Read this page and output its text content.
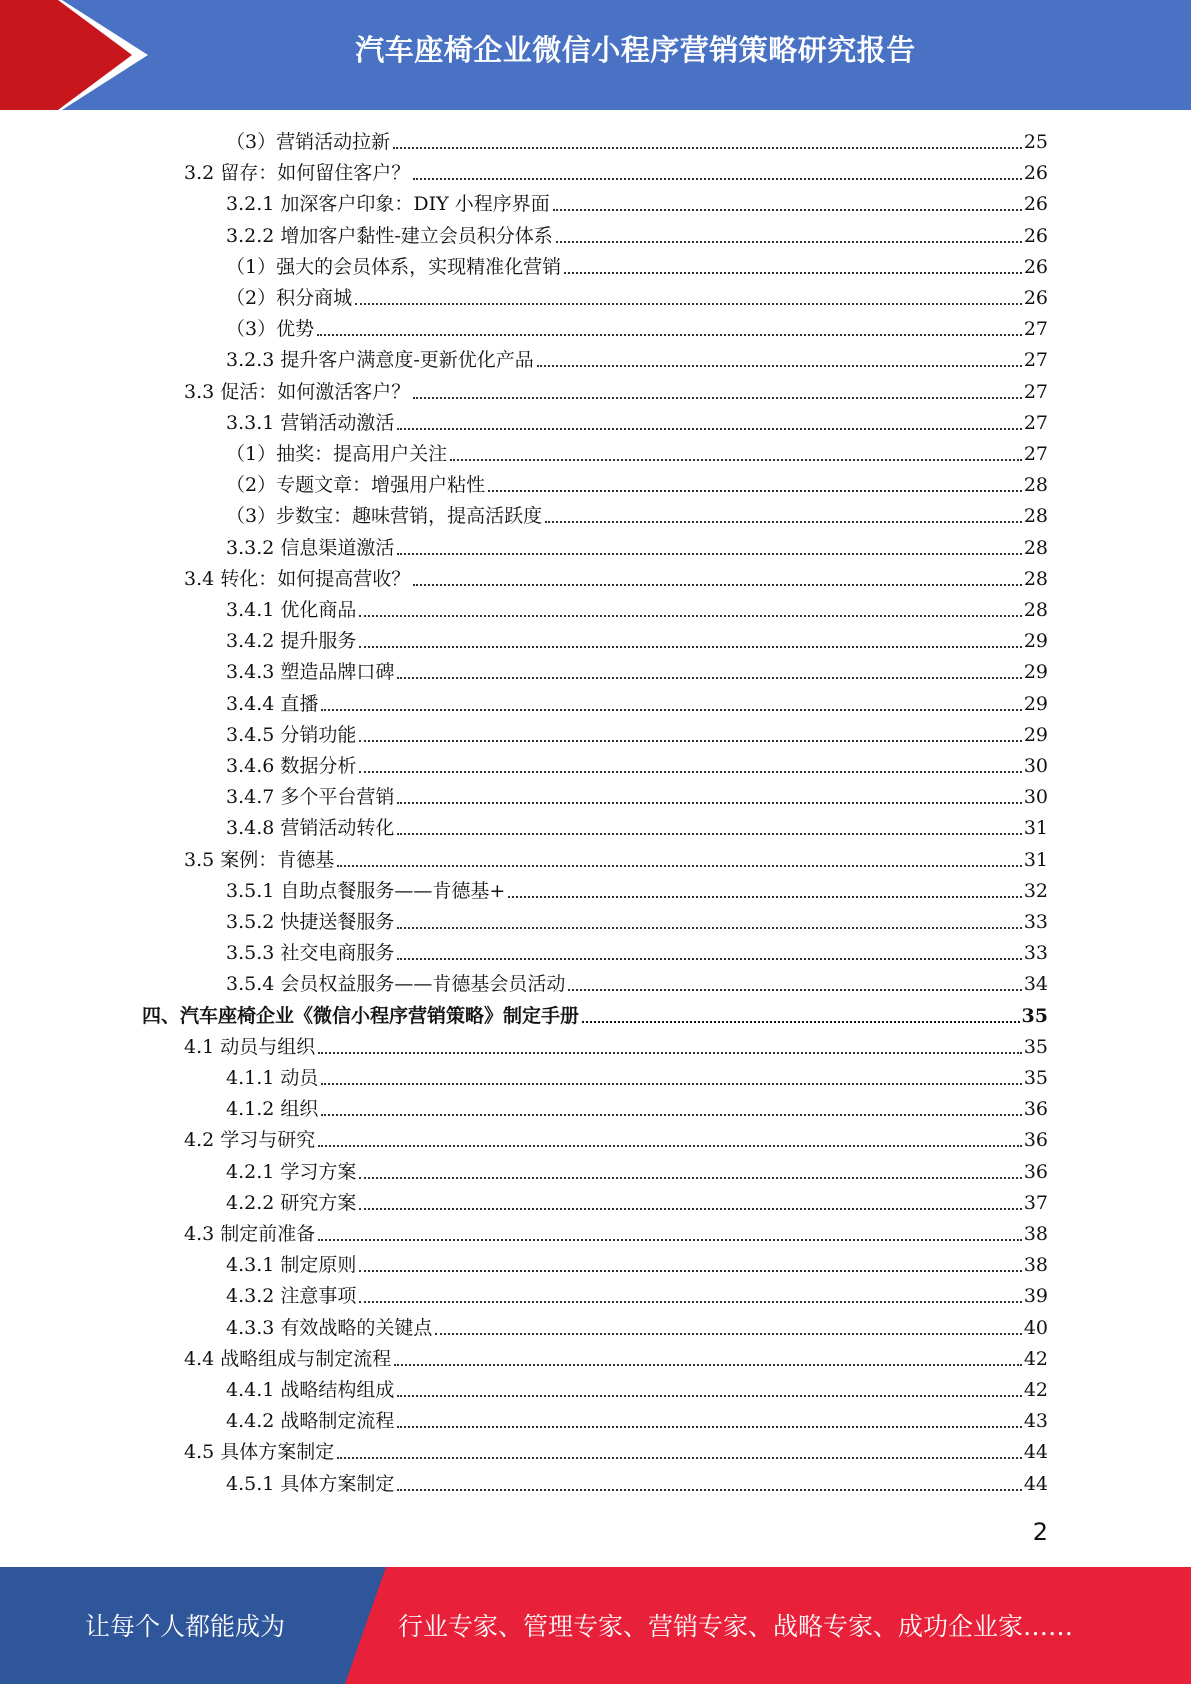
汽车座椅企业微信小程序营销策略研究报告
（3）营销活动拉新	25
3.2 留存：如何留住客户？	26
3.2.1 加深客户印象：DIY 小程序界面	26
3.2.2 增加客户黏性-建立会员积分体系	26
（1）强大的会员体系，实现精准化营销	26
（2）积分商城	26
（3）优势	27
3.2.3 提升客户满意度-更新优化产品	27
3.3 促活：如何激活客户？	27
3.3.1 营销活动激活	27
（1）抽奖：提高用户关注	27
（2）专题文章：增强用户粘性	28
（3）步数宝：趣味营销，提高活跃度	28
3.3.2 信息渠道激活	28
3.4 转化：如何提高营收？	28
3.4.1 优化商品	28
3.4.2 提升服务	29
3.4.3 塑造品牌口碑	29
3.4.4 直播	29
3.4.5 分销功能	29
3.4.6 数据分析	30
3.4.7 多个平台营销	30
3.4.8 营销活动转化	31
3.5 案例：肯德基	31
3.5.1 自助点餐服务——肯德基+	32
3.5.2 快捷送餐服务	33
3.5.3 社交电商服务	33
3.5.4 会员权益服务——肯德基会员活动	34
四、汽车座椅企业《微信小程序营销策略》制定手册	35
4.1 动员与组织	35
4.1.1 动员	35
4.1.2 组织	36
4.2 学习与研究	36
4.2.1 学习方案	36
4.2.2 研究方案	37
4.3 制定前准备	38
4.3.1 制定原则	38
4.3.2 注意事项	39
4.3.3 有效战略的关键点	40
4.4 战略组成与制定流程	42
4.4.1 战略结构组成	42
4.4.2 战略制定流程	43
4.5 具体方案制定	44
4.5.1 具体方案制定	44
2
让每个人都能成为	行业专家、管理专家、营销专家、战略专家、成功企业家……
